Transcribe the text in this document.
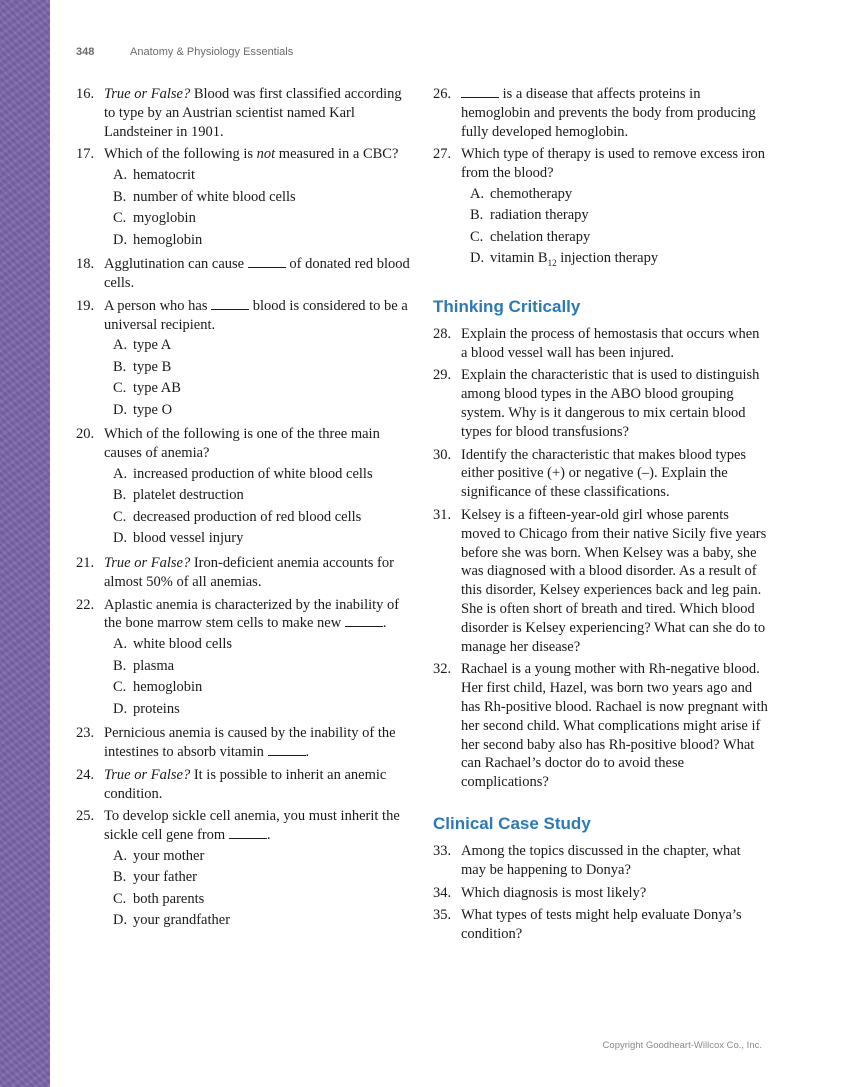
348	Anatomy & Physiology Essentials
16. True or False? Blood was first classified according to type by an Austrian scientist named Karl Landsteiner in 1901.
17. Which of the following is not measured in a CBC?
A. hematocrit
B. number of white blood cells
C. myoglobin
D. hemoglobin
18. Agglutination can cause	of donated red blood cells.
19. A person who has	blood is considered to be a universal recipient.
A. type A
B. type B
C. type AB
D. type O
20. Which of the following is one of the three main causes of anemia?
A. increased production of white blood cells
B. platelet destruction
C. decreased production of red blood cells
D. blood vessel injury
21. True or False? Iron-deficient anemia accounts for almost 50% of all anemias.
22. Aplastic anemia is characterized by the inability of the bone marrow stem cells to make new	.
A. white blood cells
B. plasma
C. hemoglobin
D. proteins
23. Pernicious anemia is caused by the inability of the intestines to absorb vitamin	.
24. True or False? It is possible to inherit an anemic condition.
25. To develop sickle cell anemia, you must inherit the sickle cell gene from	.
A. your mother
B. your father
C. both parents
D. your grandfather
26.	is a disease that affects proteins in hemoglobin and prevents the body from producing fully developed hemoglobin.
27. Which type of therapy is used to remove excess iron from the blood?
A. chemotherapy
B. radiation therapy
C. chelation therapy
D. vitamin $B_{12}$ injection therapy
Thinking Critically
28. Explain the process of hemostasis that occurs when a blood vessel wall has been injured.
29. Explain the characteristic that is used to distinguish among blood types in the ABO blood grouping system. Why is it dangerous to mix certain blood types for blood transfusions?
30. Identify the characteristic that makes blood types either positive (+) or negative (–). Explain the significance of these classifications.
31. Kelsey is a fifteen-year-old girl whose parents moved to Chicago from their native Sicily five years before she was born. When Kelsey was a baby, she was diagnosed with a blood disorder. As a result of this disorder, Kelsey experiences back and leg pain. She is often short of breath and tired. Which blood disorder is Kelsey experiencing? What can she do to manage her disease?
32. Rachael is a young mother with Rh-negative blood. Her first child, Hazel, was born two years ago and has Rh-positive blood. Rachael is now pregnant with her second child. What complications might arise if her second baby also has Rh-positive blood? What can Rachael’s doctor do to avoid these complications?
Clinical Case Study
33. Among the topics discussed in the chapter, what may be happening to Donya?
34. Which diagnosis is most likely?
35. What types of tests might help evaluate Donya’s condition?
Copyright Goodheart-Willcox Co., Inc.
